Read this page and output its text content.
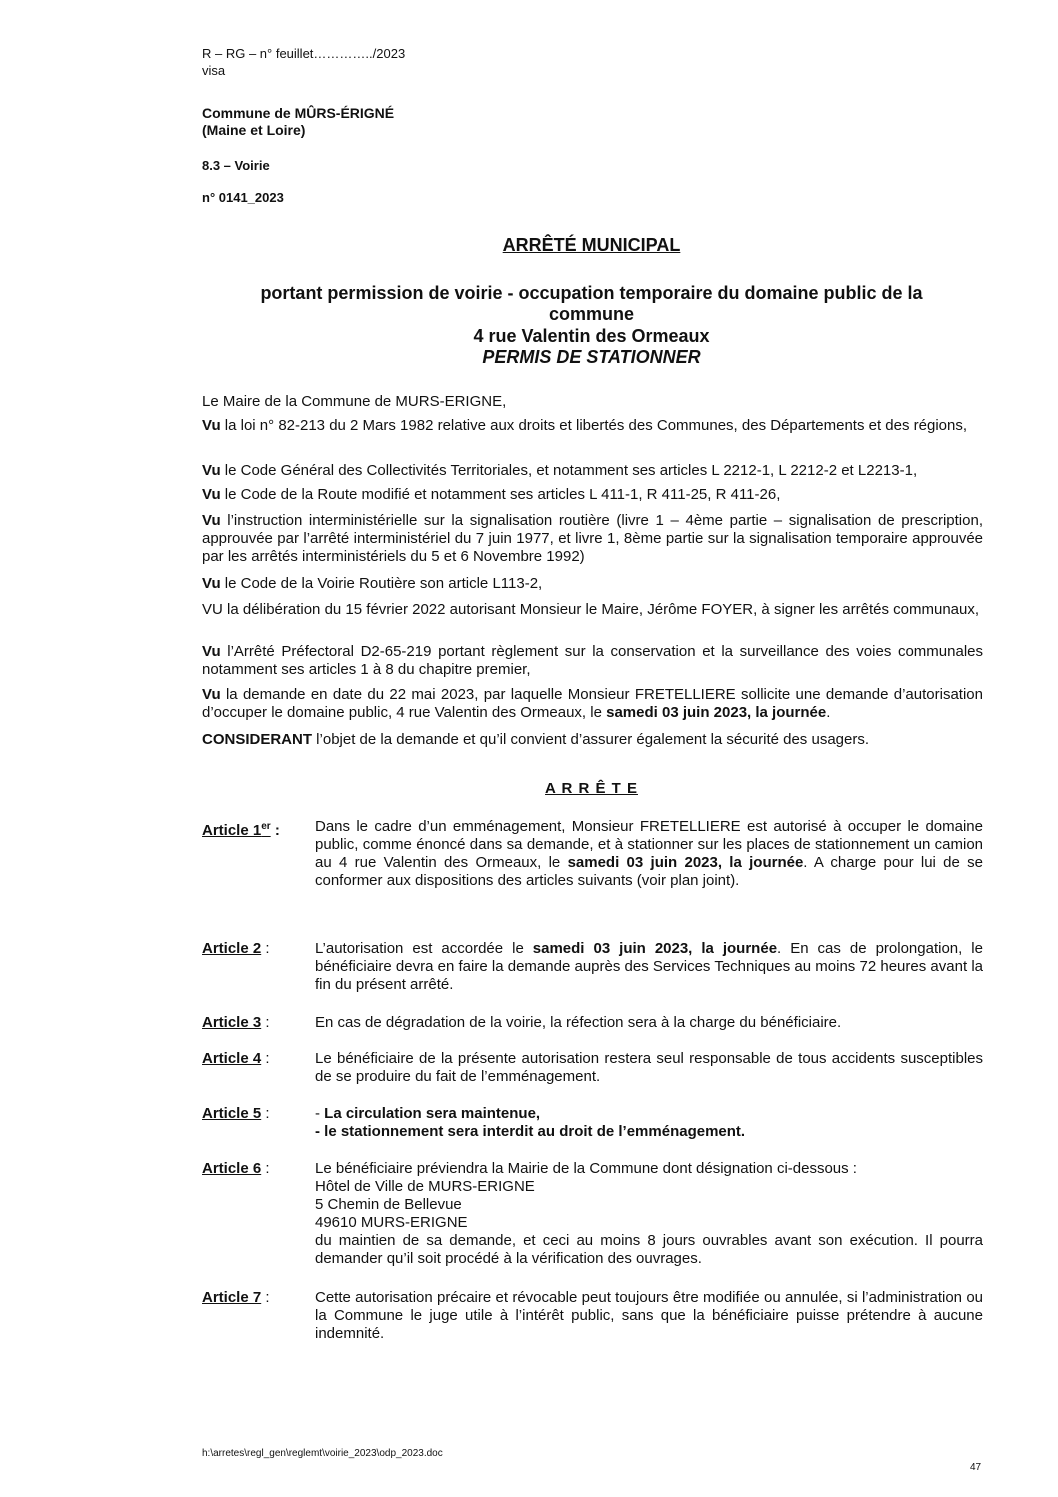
R – RG – n° feuillet…………../2023
visa
Commune de MÛRS-ÉRIGNÉ
(Maine et Loire)
8.3 – Voirie
n° 0141_2023
ARRÊTÉ MUNICIPAL
portant permission de voirie - occupation temporaire du domaine public de la
commune
4 rue Valentin des Ormeaux
PERMIS DE STATIONNER
Le Maire de la Commune de MURS-ERIGNE,
Vu la loi n° 82-213 du 2 Mars 1982 relative aux droits et libertés des Communes, des Départements et des régions,
Vu le Code Général des Collectivités Territoriales, et notamment ses articles L 2212-1, L 2212-2 et L2213-1,
Vu le Code de la Route modifié et notamment ses articles L 411-1, R 411-25, R 411-26,
Vu l’instruction interministérielle sur la signalisation routière (livre 1 – 4ème partie – signalisation de prescription, approuvée par l’arrêté interministériel du 7 juin 1977, et livre 1, 8ème partie sur la signalisation temporaire approuvée par les arrêtés interministériels du 5 et 6 Novembre 1992)
Vu le Code de la Voirie Routière son article L113-2,
VU la délibération du 15 février 2022 autorisant Monsieur le Maire, Jérôme FOYER, à signer les arrêtés communaux,
Vu l’Arrêté Préfectoral D2-65-219 portant règlement sur la conservation et la surveillance des voies communales notamment ses articles 1 à 8 du chapitre premier,
Vu la demande en date du 22 mai 2023, par laquelle Monsieur FRETELLIERE sollicite une demande d’autorisation d’occuper le domaine public, 4 rue Valentin des Ormeaux, le samedi 03 juin 2023, la journée.
CONSIDERANT l’objet de la demande et qu’il convient d’assurer également la sécurité des usagers.
A R R Ê T E
Article 1er : Dans le cadre d’un emménagement, Monsieur FRETELLIERE est autorisé à occuper le domaine public, comme énoncé dans sa demande, et à stationner sur les places de stationnement un camion au 4 rue Valentin des Ormeaux, le samedi 03 juin 2023, la journée. A charge pour lui de se conformer aux dispositions des articles suivants (voir plan joint).
Article 2 :	L’autorisation est accordée le samedi 03 juin 2023, la journée. En cas de prolongation, le bénéficiaire devra en faire la demande auprès des Services Techniques au moins 72 heures avant la fin du présent arrêté.
Article 3 :	En cas de dégradation de la voirie, la réfection sera à la charge du bénéficiaire.
Article 4 :	Le bénéficiaire de la présente autorisation restera seul responsable de tous accidents susceptibles de se produire du fait de l’emménagement.
Article 5 :	- La circulation sera maintenue,
- le stationnement sera interdit au droit de l’emménagement.
Article 6 :	Le bénéficiaire préviendra la Mairie de la Commune dont désignation ci-dessous :
Hôtel de Ville de MURS-ERIGNE
5 Chemin de Bellevue
49610 MURS-ERIGNE
du maintien de sa demande, et ceci au moins 8 jours ouvrables avant son exécution. Il pourra demander qu’il soit procédé à la vérification des ouvrages.
Article 7 :	Cette autorisation précaire et révocable peut toujours être modifiée ou annulée, si l’administration ou la Commune le juge utile à l’intérêt public, sans que la bénéficiaire puisse prétendre à aucune indemnité.
h:\arretes\regl_gen\reglemt\voirie_2023\odp_2023.doc
47
